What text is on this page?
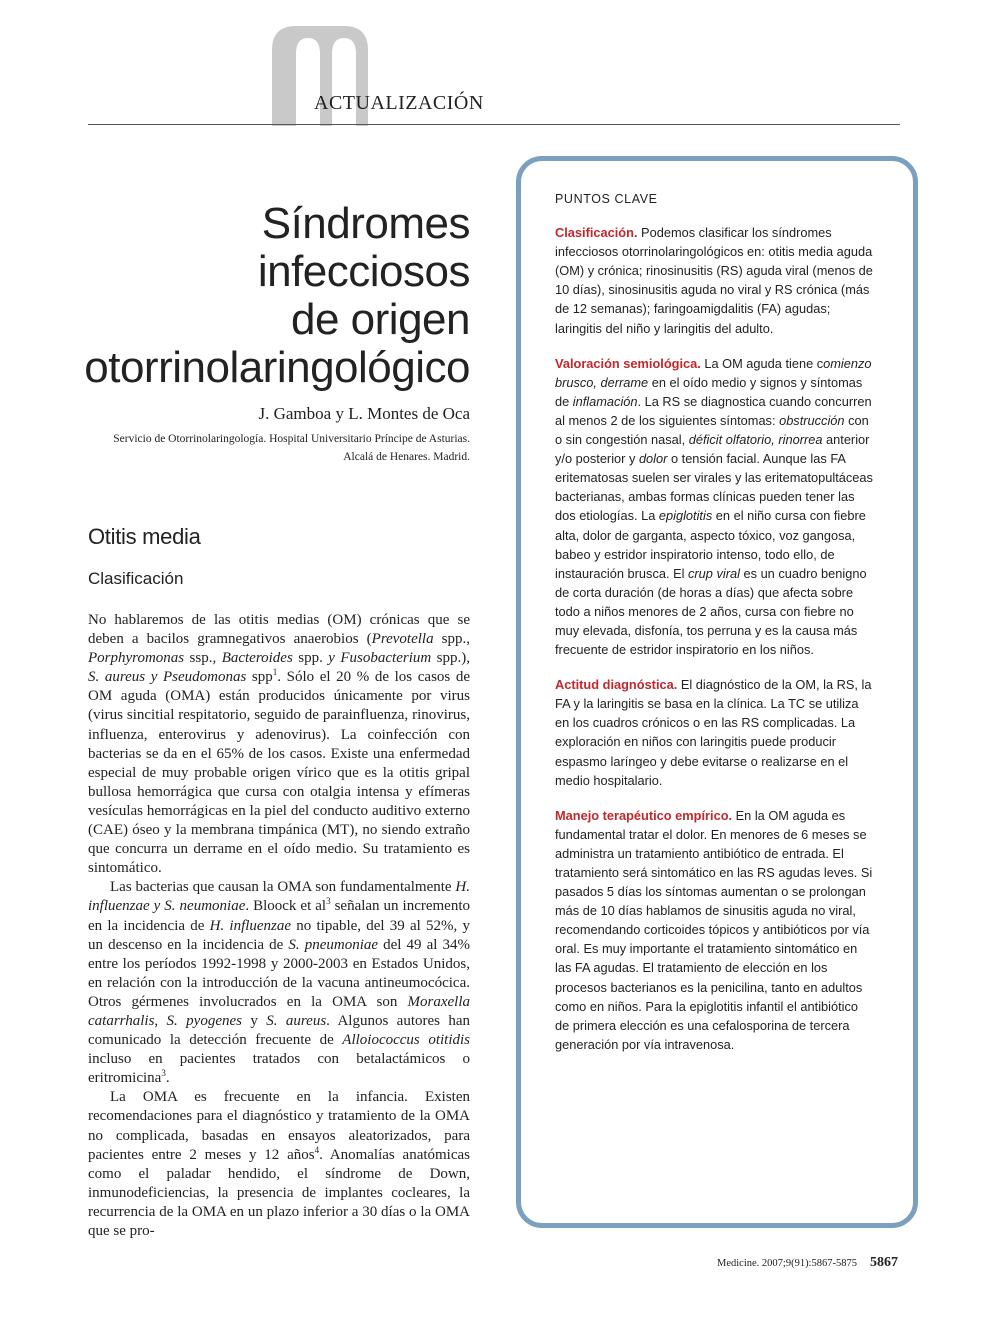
ACTUALIZACIÓN
Síndromes
infecciosos
de origen
otorrinolaringológico
J. Gamboa y L. Montes de Oca
Servicio de Otorrinolaringología. Hospital Universitario Príncipe de Asturias.
Alcalá de Henares. Madrid.
Otitis media
Clasificación

No hablaremos de las otitis medias (OM) crónicas que se deben a bacilos gramnegativos anaerobios (Prevotella spp., Porphyromonas ssp., Bacteroides spp. y Fusobacterium spp.), S. aureus y Pseudomonas spp$^1$. Sólo el 20 % de los casos de OM aguda (OMA) están producidos únicamente por virus (virus sincitial respitatorio, seguido de parainfluenza, rinovirus, influenza, enterovirus y adenovirus). La coinfección con bacterias se da en el 65% de los casos. Existe una enfermedad especial de muy probable origen vírico que es la otitis gripal bullosa hemorrágica que cursa con otalgia intensa y efímeras vesículas hemorrágicas en la piel del conducto auditivo externo (CAE) óseo y la membrana timpánica (MT), no siendo extraño que concurra un derrame en el oído medio. Su tratamiento es sintomático.

Las bacterias que causan la OMA son fundamentalmente H. influenzae y S. neumoniae. Bloock et $al^3$ señalan un incremento en la incidencia de H. influenzae no tipable, del 39 al 52%, y un descenso en la incidencia de S. pneumoniae del 49 al 34% entre los períodos 1992-1998 y 2000-2003 en Estados Unidos, en relación con la introducción de la vacuna antineumocócica. Otros gérmenes involucrados en la OMA son Moraxella catarrhalis, S. pyogenes y S. aureus. Algunos autores han comunicado la detección frecuente de Alloiococcus otitidis incluso en pacientes tratados con betalactámicos o eritromicina$^3$.

La OMA es frecuente en la infancia. Existen recomendaciones para el diagnóstico y tratamiento de la OMA no complicada, basadas en ensayos aleatorizados, para pacientes entre 2 meses y 12 años$^4$. Anomalías anatómicas como el paladar hendido, el síndrome de Down, inmunodeficiencias, la presencia de implantes cocleares, la recurrencia de la OMA en un plazo inferior a 30 días o la OMA que se pro-

PUNTOS CLAVE

Clasificación. Podemos clasificar los síndromes infecciosos otorrinolaringológicos en: otitis media aguda (OM) y crónica; rinosinusitis (RS) aguda viral (menos de 10 días), sinosinusitis aguda no viral y RS crónica (más de 12 semanas); faringoamigdalitis (FA) agudas; laringitis del niño y laringitis del adulto.

Valoración semiológica. La OM aguda tiene comienzo brusco, derrame en el oído medio y signos y síntomas de inflamación. La RS se diagnostica cuando concurren al menos 2 de los siguientes síntomas: obstrucción con o sin congestión nasal, déficit olfatorio, rinorrea anterior y/o posterior y dolor o tensión facial. Aunque las FA eritematosas suelen ser virales y las eritematopultáceas bacterianas, ambas formas clínicas pueden tener las dos etiologías. La epiglotitis en el niño cursa con fiebre alta, dolor de garganta, aspecto tóxico, voz gangosa, babeo y estridor inspiratorio intenso, todo ello, de instauración brusca. El crup viral es un cuadro benigno de corta duración (de horas a días) que afecta sobre todo a niños menores de 2 años, cursa con fiebre no muy elevada, disfonía, tos perruna y es la causa más frecuente de estridor inspiratorio en los niños.

Actitud diagnóstica. El diagnóstico de la OM, la RS, la FA y la laringitis se basa en la clínica. La TC se utiliza en los cuadros crónicos o en las RS complicadas. La exploración en niños con laringitis puede producir espasmo laríngeo y debe evitarse o realizarse en el medio hospitalario.

Manejo terapéutico empírico. En la OM aguda es fundamental tratar el dolor. En menores de 6 meses se administra un tratamiento antibiótico de entrada. El tratamiento será sintomático en las RS agudas leves. Si pasados 5 días los síntomas aumentan o se prolongan más de 10 días hablamos de sinusitis aguda no viral, recomendando corticoides tópicos y antibióticos por vía oral. Es muy importante el tratamiento sintomático en las FA agudas. El tratamiento de elección en los procesos bacterianos es la penicilina, tanto en adultos como en niños. Para la epiglotitis infantil el antibiótico de primera elección es una cefalosporina de tercera generación por vía intravenosa.

Medicine. 2007;9(91):5867-5875 5867
